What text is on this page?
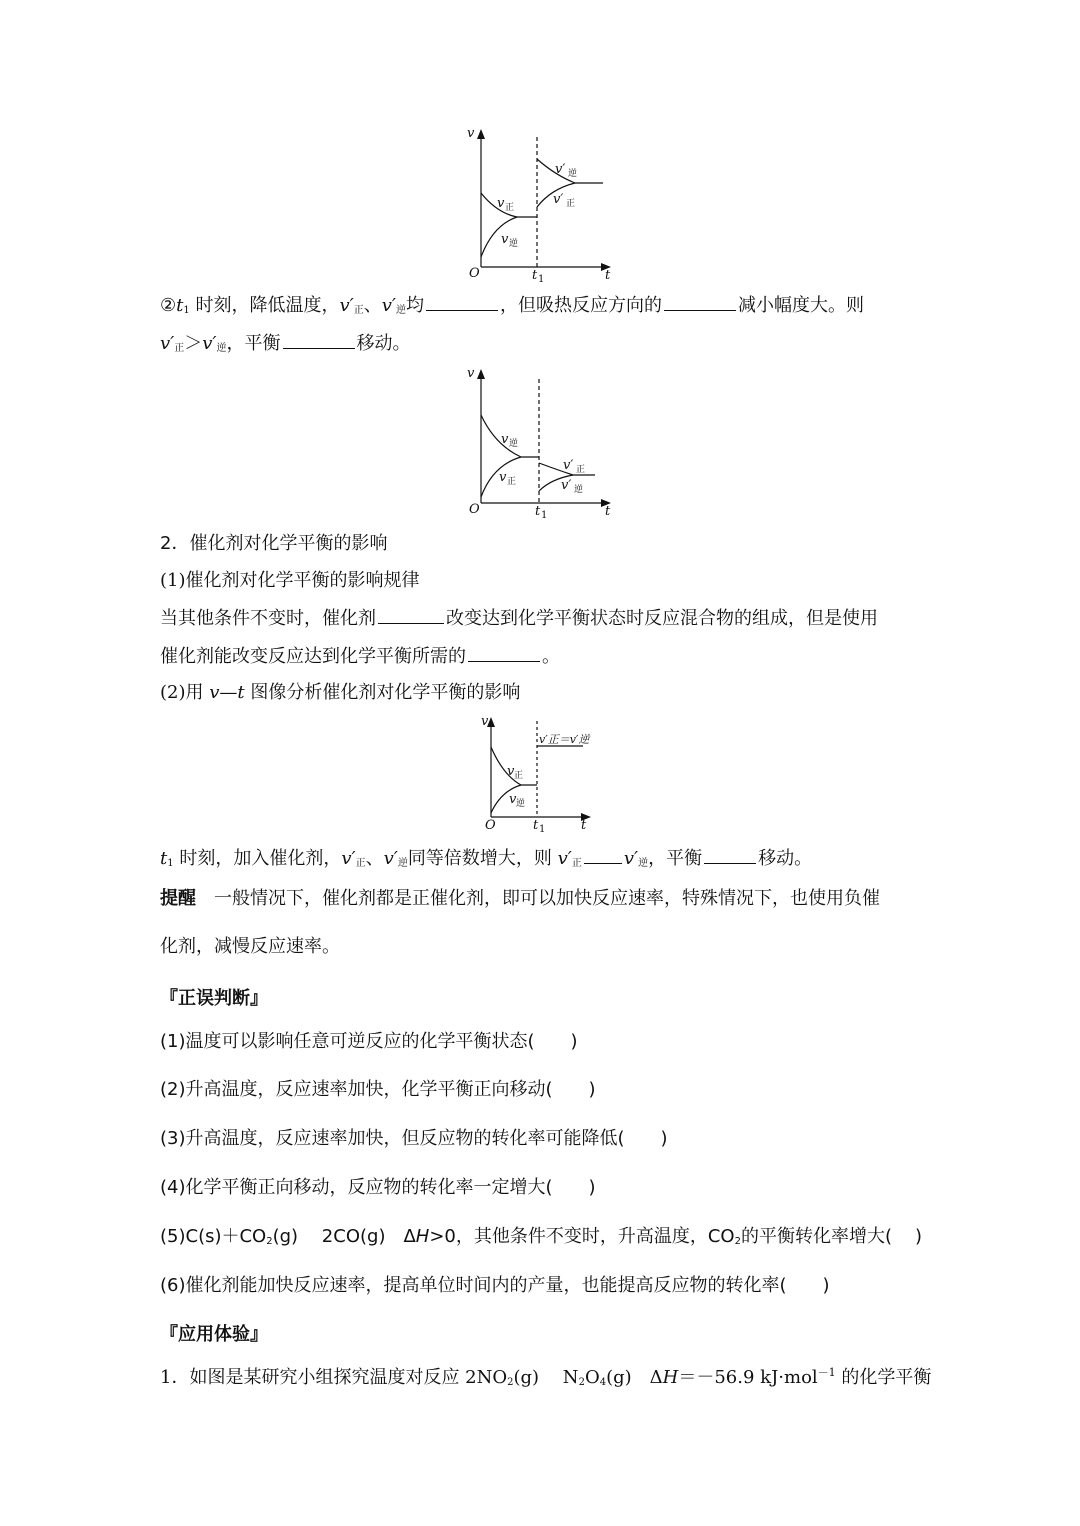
v
O	t
t 1
v 正
v 逆
v′ 逆
v′ 正
②t1 时刻，降低温度，v′正、v′逆均	，但吸热反应方向的	减小幅度大。则
v′正＞v′逆，平衡	移动。
v
O	t
t 1
v 逆
v 正
v′ 正
v′ 逆
2．催化剂对化学平衡的影响
(1)催化剂对化学平衡的影响规律
当其他条件不变时，催化剂	改变达到化学平衡状态时反应混合物的组成，但是使用
催化剂能改变反应达到化学平衡所需的	。
(2)用 v—t 图像分析催化剂对化学平衡的影响
v
O	t
t 1
v 正
v 逆
v′正＝v′逆
t1 时刻，加入催化剂，v′正、v′逆同等倍数增大，则 v′正 v′逆，平衡	移动。
提醒 一般情况下，催化剂都是正催化剂，即可以加快反应速率，特殊情况下，也使用负催
化剂，减慢反应速率。
『正误判断』
(1)温度可以影响任意可逆反应的化学平衡状态(　　)
(2)升高温度，反应速率加快，化学平衡正向移动(　　)
(3)升高温度，反应速率加快，但反应物的转化率可能降低(　　)
(4)化学平衡正向移动，反应物的转化率一定增大(　　)
(5)C(s)＋CO2(g)　 2CO(g)　ΔH>0，其他条件不变时，升高温度，CO2的平衡转化率增大( )
(6)催化剂能加快反应速率，提高单位时间内的产量，也能提高反应物的转化率(　　)
『应用体验』
1．如图是某研究小组探究温度对反应 2NO2(g)　 N2O4(g)　ΔH＝－56.9 kJ·mol$^{-1}$ 的化学平衡
